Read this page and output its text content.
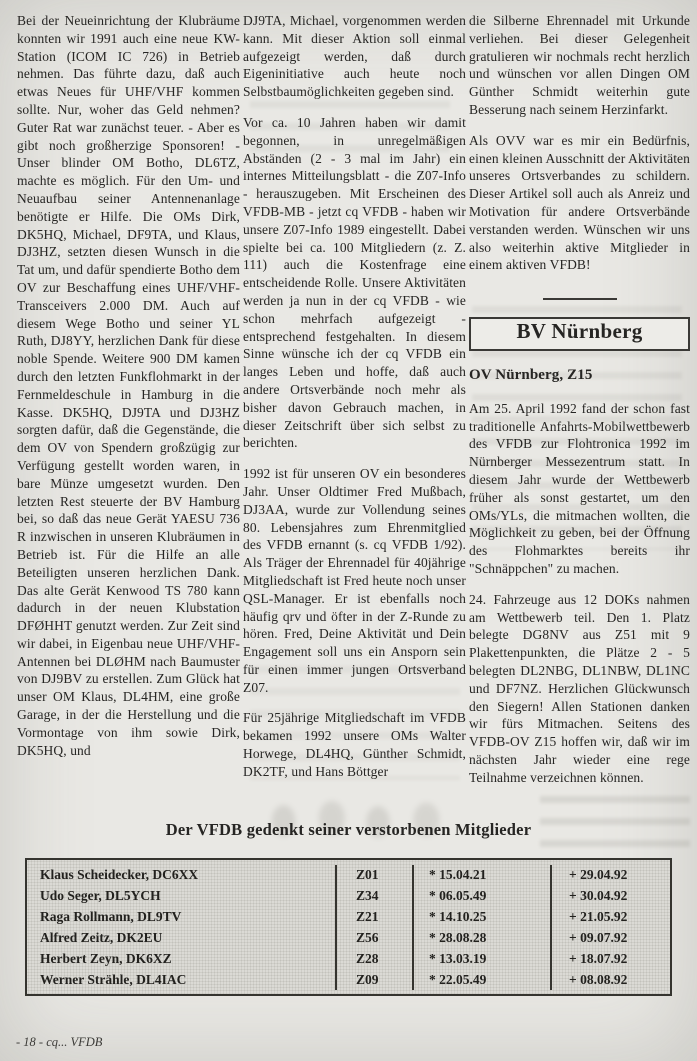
Bei der Neueinrichtung der Klubräume konnten wir 1991 auch eine neue KW-Station (ICOM IC 726) in Betrieb nehmen. Das führte dazu, daß auch etwas Neues für UHF/VHF kommen sollte. Nur, woher das Geld nehmen? Guter Rat war zunächst teuer. - Aber es gibt noch großherzige Sponsoren! - Unser blinder OM Botho, DL6TZ, machte es möglich. Für den Um- und Neuaufbau seiner Antennenanlage benötigte er Hilfe. Die OMs Dirk, DK5HQ, Michael, DF9TA, und Klaus, DJ3HZ, setzten diesen Wunsch in die Tat um, und dafür spendierte Botho dem OV zur Beschaffung eines UHF/VHF-Transceivers 2.000 DM. Auch auf diesem Wege Botho und seiner YL Ruth, DJ8YY, herzlichen Dank für diese noble Spende. Weitere 900 DM kamen durch den letzten Funkflohmarkt in der Fernmeldeschule in Hamburg in die Kasse. DK5HQ, DJ9TA und DJ3HZ sorgten dafür, daß die Gegenstände, die dem OV von Spendern großzügig zur Verfügung gestellt worden waren, in bare Münze umgesetzt wurden. Den letzten Rest steuerte der BV Hamburg bei, so daß das neue Gerät YAESU 736 R inzwischen in unseren Klubräumen in Betrieb ist. Für die Hilfe an alle Beteiligten unseren herzlichen Dank. Das alte Gerät Kenwood TS 780 kann dadurch in der neuen Klubstation DFØHHT genutzt werden. Zur Zeit sind wir dabei, in Eigenbau neue UHF/VHF-Antennen bei DLØHM nach Baumuster von DJ9BV zu erstellen. Zum Glück hat unser OM Klaus, DL4HM, eine große Garage, in der die Herstellung und die Vormontage von ihm sowie Dirk, DK5HQ, und

DJ9TA, Michael, vorgenommen werden kann. Mit dieser Aktion soll einmal aufgezeigt werden, daß durch Eigeninitiative auch heute noch Selbstbaumöglichkeiten gegeben sind.

Vor ca. 10 Jahren haben wir damit begonnen, in unregelmäßigen Abständen (2 - 3 mal im Jahr) ein internes Mitteilungsblatt - die Z07-Info - herauszugeben. Mit Erscheinen des VFDB-MB - jetzt cq VFDB - haben wir unsere Z07-Info 1989 eingestellt. Dabei spielte bei ca. 100 Mitgliedern (z. Z. 111) auch die Kostenfrage eine entscheidende Rolle. Unsere Aktivitäten werden ja nun in der cq VFDB - wie schon mehrfach aufgezeigt - entsprechend festgehalten. In diesem Sinne wünsche ich der cq VFDB ein langes Leben und hoffe, daß auch andere Ortsverbände noch mehr als bisher davon Gebrauch machen, in dieser Zeitschrift über sich selbst zu berichten.

1992 ist für unseren OV ein besonderes Jahr. Unser Oldtimer Fred Mußbach, DJ3AA, wurde zur Vollendung seines 80. Lebensjahres zum Ehrenmitglied des VFDB ernannt (s. cq VFDB 1/92). Als Träger der Ehrennadel für 40jährige Mitgliedschaft ist Fred heute noch unser QSL-Manager. Er ist ebenfalls noch häufig qrv und öfter in der Z-Runde zu hören. Fred, Deine Aktivität und Dein Engagement soll uns ein Ansporn sein für einen immer jungen Ortsverband Z07.

Für 25jährige Mitgliedschaft im VFDB bekamen 1992 unsere OMs Walter Horwege, DL4HQ, Günther Schmidt, DK2TF, und Hans Böttger

die Silberne Ehrennadel mit Urkunde verliehen. Bei dieser Gelegenheit gratulieren wir nochmals recht herzlich und wünschen vor allen Dingen OM Günther Schmidt weiterhin gute Besserung nach seinem Herzinfarkt.

Als OVV war es mir ein Bedürfnis, einen kleinen Ausschnitt der Aktivitäten unseres Ortsverbandes zu schildern. Dieser Artikel soll auch als Anreiz und Motivation für andere Ortsverbände verstanden werden. Wünschen wir uns also weiterhin aktive Mitglieder in einem aktiven VFDB!

BV Nürnberg
OV Nürnberg, Z15

Am 25. April 1992 fand der schon fast traditionelle Anfahrts-Mobilwettbewerb des VFDB zur Flohtronica 1992 im Nürnberger Messezentrum statt. In diesem Jahr wurde der Wettbewerb früher als sonst gestartet, um den OMs/YLs, die mitmachen wollten, die Möglichkeit zu geben, bei der Öffnung des Flohmarktes bereits ihr "Schnäppchen" zu machen.

24. Fahrzeuge aus 12 DOKs nahmen am Wettbewerb teil. Den 1. Platz belegte DG8NV aus Z51 mit 9 Plakettenpunkten, die Plätze 2 - 5 belegten DL2NBG, DL1NBW, DL1NC und DF7NZ. Herzlichen Glückwunsch den Siegern! Allen Stationen danken wir fürs Mitmachen. Seitens des VFDB-OV Z15 hoffen wir, daß wir im nächsten Jahr wieder eine rege Teilnahme verzeichnen können.

Der VFDB gedenkt seiner verstorbenen Mitglieder
Klaus Scheidecker, DC6XX	Z01	* 15.04.21	+ 29.04.92
Udo Seger, DL5YCH	Z34	* 06.05.49	+ 30.04.92
Raga Rollmann, DL9TV	Z21	* 14.10.25	+ 21.05.92
Alfred Zeitz, DK2EU	Z56	* 28.08.28	+ 09.07.92
Herbert Zeyn, DK6XZ	Z28	* 13.03.19	+ 18.07.92
Werner Strähle, DL4IAC	Z09	* 22.05.49	+ 08.08.92
- 18 - cq... VFDB
